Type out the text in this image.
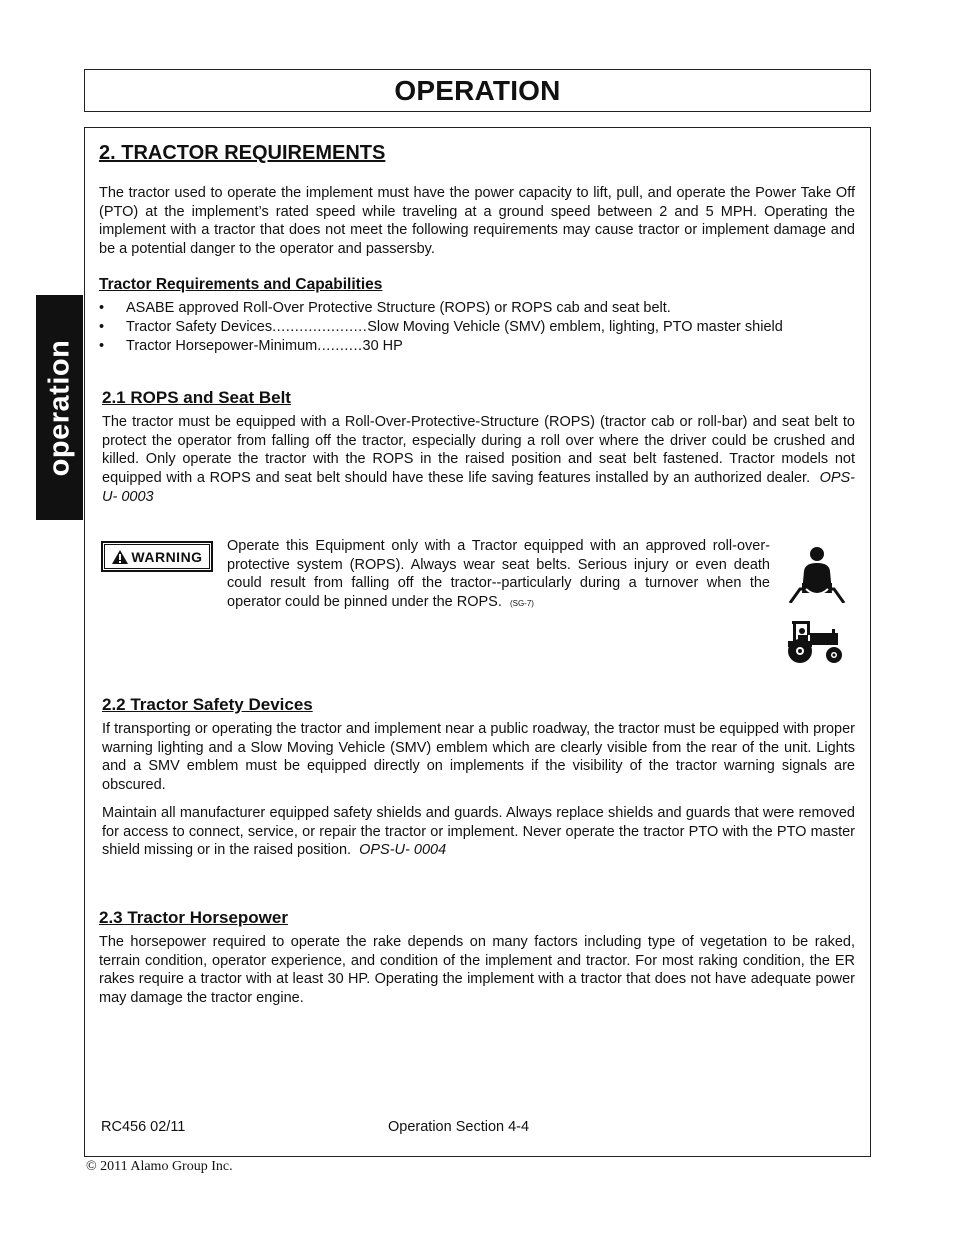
OPERATION
operation
2. TRACTOR REQUIREMENTS
The tractor used to operate the implement must have the power capacity to lift, pull, and operate the Power Take Off (PTO) at the implement’s rated speed while traveling at a ground speed between 2 and 5 MPH. Operating the implement with a tractor that does not meet the following requirements may cause tractor or implement damage and be a potential danger to the operator and passersby.
Tractor Requirements and Capabilities
•	ASABE approved Roll-Over Protective Structure (ROPS) or ROPS cab and seat belt.
•	Tractor Safety Devices ..................... Slow Moving Vehicle (SMV) emblem, lighting, PTO master shield
•	Tractor Horsepower-Minimum .......... 30 HP
2.1 ROPS and Seat Belt
The tractor must be equipped with a Roll-Over-Protective-Structure (ROPS) (tractor cab or roll-bar) and seat belt to protect the operator from falling off the tractor, especially during a roll over where the driver could be crushed and killed. Only operate the tractor with the ROPS in the raised position and seat belt fastened. Tractor models not equipped with a ROPS and seat belt should have these life saving features installed by an authorized dealer. OPS-U- 0003
WARNING
Operate this Equipment only with a Tractor equipped with an approved roll-over-protective system (ROPS). Always wear seat belts. Serious injury or even death could result from falling off the tractor--particularly during a turnover when the operator could be pinned under the ROPS. (SG-7)
2.2 Tractor Safety Devices
If transporting or operating the tractor and implement near a public roadway, the tractor must be equipped with proper warning lighting and a Slow Moving Vehicle (SMV) emblem which are clearly visible from the rear of the unit. Lights and a SMV emblem must be equipped directly on implements if the visibility of the tractor warning signals are obscured.
Maintain all manufacturer equipped safety shields and guards. Always replace shields and guards that were removed for access to connect, service, or repair the tractor or implement. Never operate the tractor PTO with the PTO master shield missing or in the raised position. OPS-U- 0004
2.3 Tractor Horsepower
The horsepower required to operate the rake depends on many factors including type of vegetation to be raked, terrain condition, operator experience, and condition of the implement and tractor. For most raking condition, the ER rakes require a tractor with at least 30 HP. Operating the implement with a tractor that does not have adequate power may damage the tractor engine.
RC456 02/11	Operation Section 4-4
© 2011 Alamo Group Inc.
